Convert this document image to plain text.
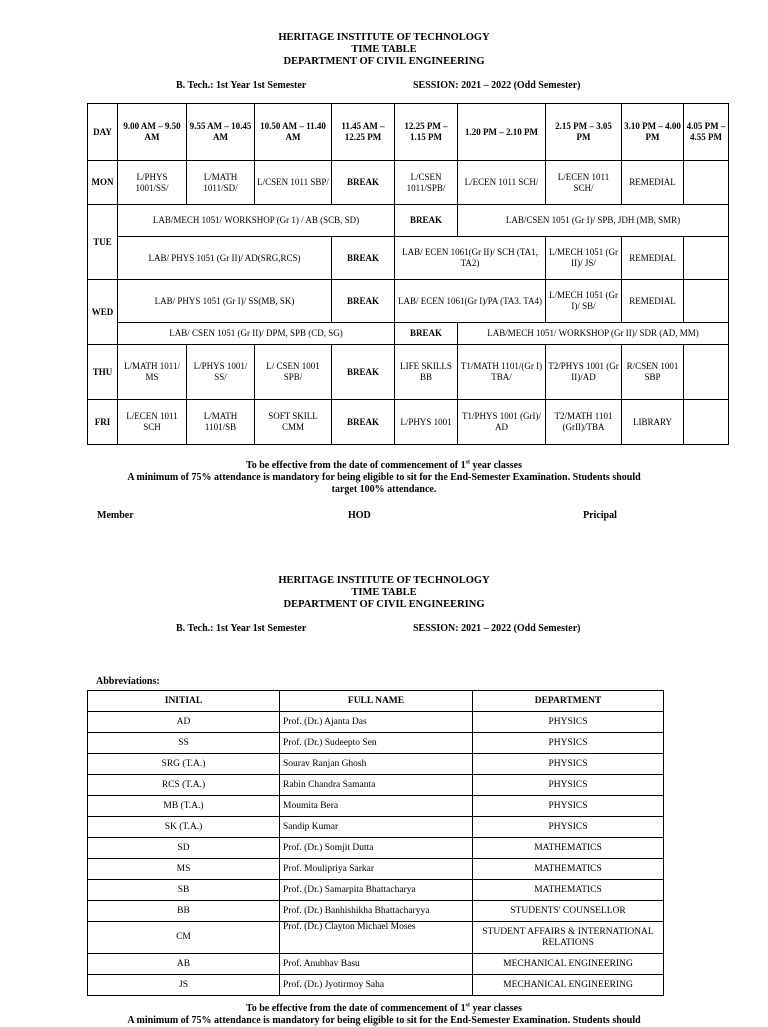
HERITAGE INSTITUTE OF TECHNOLOGY
TIME TABLE
DEPARTMENT OF CIVIL ENGINEERING
B. Tech.: 1st Year 1st Semester	SESSION: 2021 – 2022 (Odd Semester)
DAY	9.00 AM – 9.50 AM	9.55 AM – 10.45 AM	10.50 AM – 11.40 AM	11.45 AM – 12.25 PM	12.25 PM – 1.15 PM	1.20 PM – 2.10 PM	2.15 PM – 3.05 PM	3.10 PM – 4.00 PM	4.05 PM – 4.55 PM
MON	L/PHYS 1001/SS/	L/MATH 1011/SD/	L/CSEN 1011 SBP/	BREAK	L/CSEN 1011/SPB/	L/ECEN 1011 SCH/	L/ECEN 1011 SCH/	REMEDIAL	
TUE	LAB/MECH 1051/ WORKSHOP (Gr 1) / AB (SCB, SD)				BREAK	LAB/CSEN 1051 (Gr I)/ SPB, JDH (MB, SMR)			
	LAB/ PHYS 1051 (Gr II)/ AD(SRG,RCS)			BREAK	LAB/ ECEN 1061(Gr II)/ SCH (TA1, TA2)		L/MECH 1051 (Gr II)/ JS/	REMEDIAL	
WED	LAB/ PHYS 1051 (Gr I)/ SS(MB, SK)			BREAK	LAB/ ECEN 1061(Gr I)/PA (TA3. TA4)		L/MECH 1051 (Gr I)/ SB/	REMEDIAL	
	LAB/ CSEN 1051 (Gr II)/ DPM, SPB (CD, SG)				BREAK	LAB/MECH 1051/ WORKSHOP (Gr II)/ SDR (AD, MM)			
THU	L/MATH 1011/ MS	L/PHYS 1001/ SS/	L/ CSEN 1001 SPB/	BREAK	LIFE SKILLS BB	T1/MATH 1101/(Gr I) TBA/	T2/PHYS 1001 (Gr II)/AD	R/CSEN 1001 SBP	
FRI	L/ECEN 1011 SCH	L/MATH 1101/SB	SOFT SKILL CMM	BREAK	L/PHYS 1001	T1/PHYS 1001 (GrI)/ AD	T2/MATH 1101 (GrII)/TBA	LIBRARY	
To be effective from the date of commencement of 1st year classes
A minimum of 75% attendance is mandatory for being eligible to sit for the End-Semester Examination. Students should
target 100% attendance.
Member	HOD	Pricipal
HERITAGE INSTITUTE OF TECHNOLOGY
TIME TABLE
DEPARTMENT OF CIVIL ENGINEERING
B. Tech.: 1st Year 1st Semester	SESSION: 2021 – 2022 (Odd Semester)
Abbreviations:
INITIAL	FULL NAME	DEPARTMENT
AD	Prof. (Dr.) Ajanta Das	PHYSICS
SS	Prof. (Dr.) Sudeepto Sen	PHYSICS
SRG (T.A.)	Sourav Ranjan Ghosh	PHYSICS
RCS (T.A.)	Rabin Chandra Samanta	PHYSICS
MB (T.A.)	Moumita Bera	PHYSICS
SK (T.A.)	Sandip Kumar	PHYSICS
SD	Prof. (Dr.) Somjit Dutta	MATHEMATICS
MS	Prof. Moulipriya Sarkar	MATHEMATICS
SB	Prof. (Dr.) Samarpita Bhattacharya	MATHEMATICS
BB	Prof. (Dr.) Banhishikha Bhattacharyya	STUDENTS' COUNSELLOR
CM	Prof. (Dr.) Clayton Michael Moses	STUDENT AFFAIRS & INTERNATIONAL RELATIONS
AB	Prof. Anubhav Basu	MECHANICAL ENGINEERING
JS	Prof. (Dr.) Jyotirmoy Saha	MECHANICAL ENGINEERING
To be effective from the date of commencement of 1st year classes
A minimum of 75% attendance is mandatory for being eligible to sit for the End-Semester Examination. Students should
